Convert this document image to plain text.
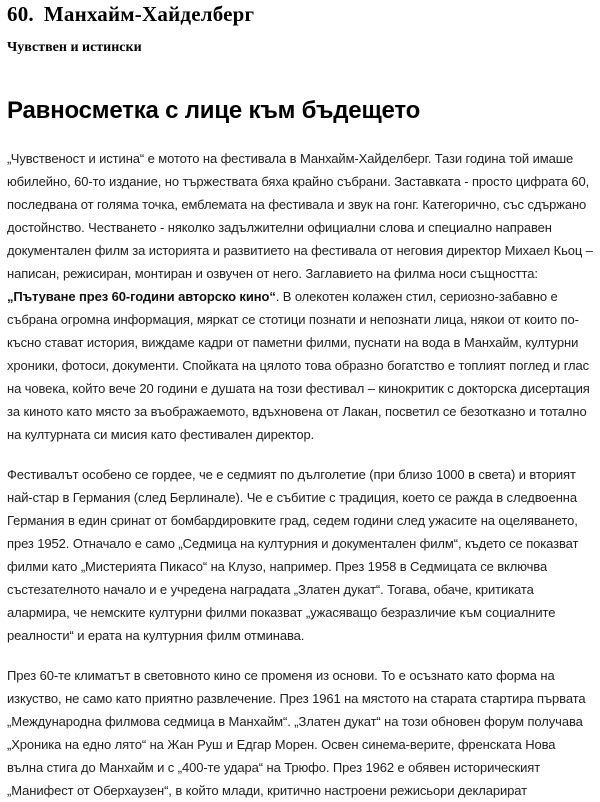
60. Манхайм-Хайделберг
Чувствен и истински
Равносметка с лице към бъдещето

„Чувственост и истина“ е мотото на фестивала в Манхайм-Хайделберг. Тази година той имаше юбилейно, 60-то издание, но тържествата бяха крайно събрани. Заставката - просто цифрата 60, последвана от голяма точка, емблемата на фестивала и звук на гонг. Категорично, със сдържано достойнство. Честването - няколко задължителни официални слова и специално направен документален филм за историята и развитието на фестивала от неговия директор Михаел Кьоц – написан, режисиран, монтиран и озвучен от него. Заглавието на филма носи същността: „Пътуване през 60-години авторско кино“. В олекотен колажен стил, сериозно-забавно е събрана огромна информация, мяркат се стотици познати и непознати лица, някои от които по-късно стават история, виждаме кадри от паметни филми, пуснати на вода в Манхайм, културни хроники, фотоси, документи. Спойката на цялото това образно богатство е топлият поглед и глас на човека, който вече 20 години е душата на този фестивал – кинокритик с докторска дисертация за киното като място за въображаемото, вдъхновена от Лакан, посветил се безотказно и тотално на културната си мисия като фестивален директор.

Фестивалът особено се гордее, че е седмият по дълголетие (при близо 1000 в света) и вторият най-стар в Германия (след Берлинале). Че е събитие с традиция, което се ражда в следвоенна Германия в един сринат от бомбардировките град, седем години след ужасите на оцеляването, през 1952. Отначало е само „Седмица на културния и документален филм“, където се показват филми като „Мистерията Пикасо“ на Клузо, например. През 1958 в Седмицата се включва състезателното начало и е учредена наградата „Златен дукат“. Тогава, обаче, критиката алармира, че немските културни филми показват „ужасяващо безразличие към социалните реалности“ и ерата на културния филм отминава.

През 60-те климатът в световното кино се променя из основи. То е осъзнато като форма на изкуство, не само като приятно развлечение. През 1961 на мястото на старата стартира първата „Международна филмова седмица в Манхайм“. „Златен дукат“ на този обновен форум получава „Хроника на едно лято“ на Жан Руш и Едгар Морен. Освен синема-верите, френската Нова вълна стига до Манхайм и с „400-те удара“ на Трюфо. През 1962 е обявен историческият „Манифест от Оберхаузен“, в който млади, критично настроени режисьори декларират
